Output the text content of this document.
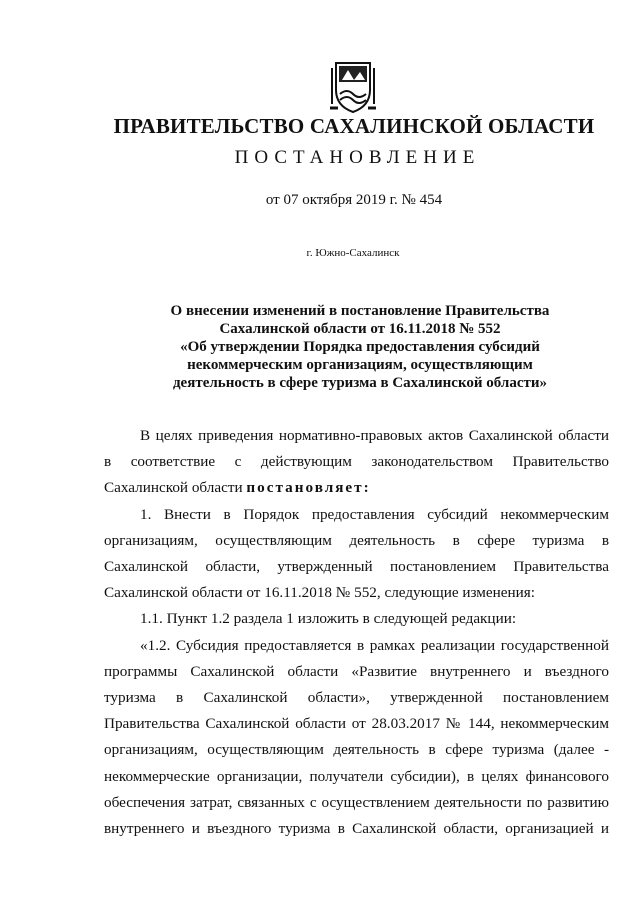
ПРАВИТЕЛЬСТВО САХАЛИНСКОЙ ОБЛАСТИ
ПОСТАНОВЛЕНИЕ
от 07 октября 2019 г. № 454
г. Южно-Сахалинск
О внесении изменений в постановление Правительства
Сахалинской области от 16.11.2018 № 552
«Об утверждении Порядка предоставления субсидий
некоммерческим организациям, осуществляющим
деятельность в сфере туризма в Сахалинской области»
В целях приведения нормативно-правовых актов Сахалинской области
в соответствие с действующим законодательством Правительство
Сахалинской области постановляет:
1. Внести в Порядок предоставления субсидий некоммерческим
организациям, осуществляющим деятельность в сфере туризма в
Сахалинской области, утвержденный постановлением Правительства
Сахалинской области от 16.11.2018 № 552, следующие изменения:
1.1. Пункт 1.2 раздела 1 изложить в следующей редакции:
«1.2. Субсидия предоставляется в рамках реализации государственной
программы Сахалинской области «Развитие внутреннего и въездного
туризма в Сахалинской области», утвержденной постановлением
Правительства Сахалинской области от 28.03.2017 № 144, некоммерческим
организациям, осуществляющим деятельность в сфере туризма (далее -
некоммерческие организации, получатели субсидии), в целях финансового
обеспечения затрат, связанных с осуществлением деятельности по развитию
внутреннего и въездного туризма в Сахалинской области, организацией и
